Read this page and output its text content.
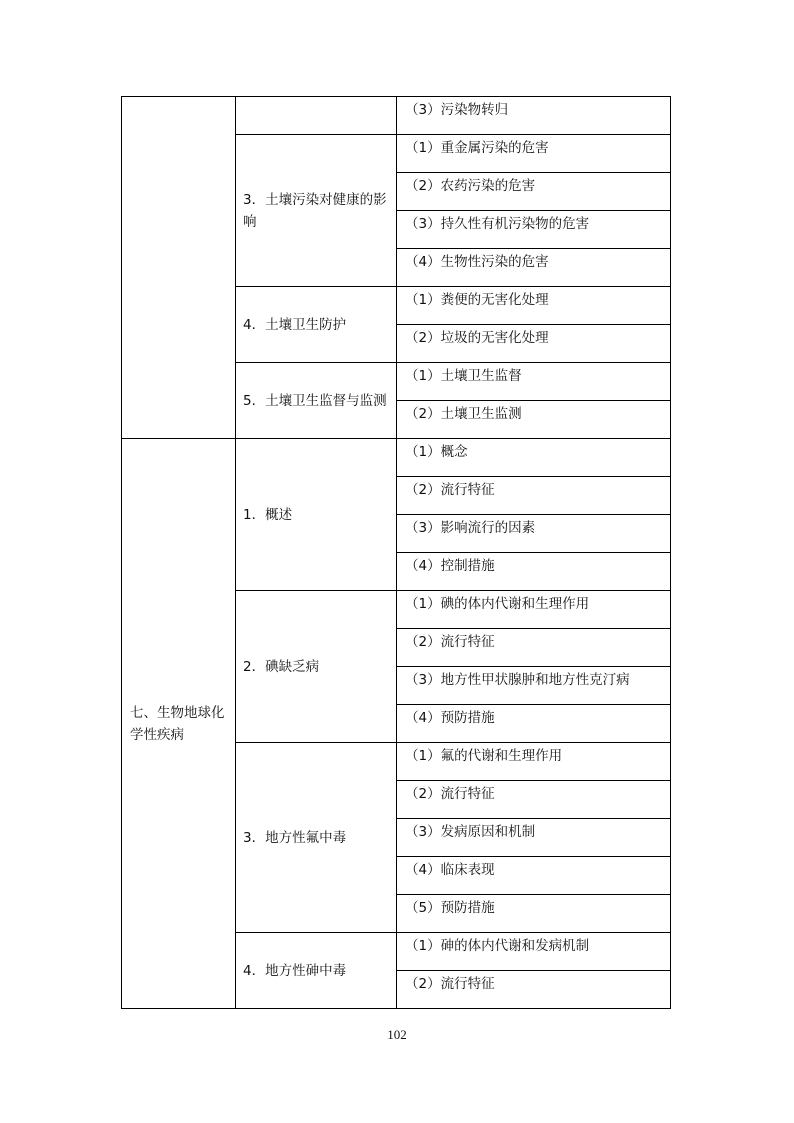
		（3）污染物转归

	3．土壤污染对健康的影响	（1）重金属污染的危害

		（2）农药污染的危害

		（3）持久性有机污染物的危害

		（4）生物性污染的危害

	4．土壤卫生防护	（1）粪便的无害化处理

		（2）垃圾的无害化处理

	5．土壤卫生监督与监测	（1）土壤卫生监督

		（2）土壤卫生监测

七、生物地球化学性疾病	1．概述	（1）概念

		（2）流行特征

		（3）影响流行的因素

		（4）控制措施

	2．碘缺乏病	（1）碘的体内代谢和生理作用

		（2）流行特征

		（3）地方性甲状腺肿和地方性克汀病

		（4）预防措施

	3．地方性氟中毒	（1）氟的代谢和生理作用

		（2）流行特征

		（3）发病原因和机制

		（4）临床表现

		（5）预防措施

	4．地方性砷中毒	（1）砷的体内代谢和发病机制

		（2）流行特征
102
